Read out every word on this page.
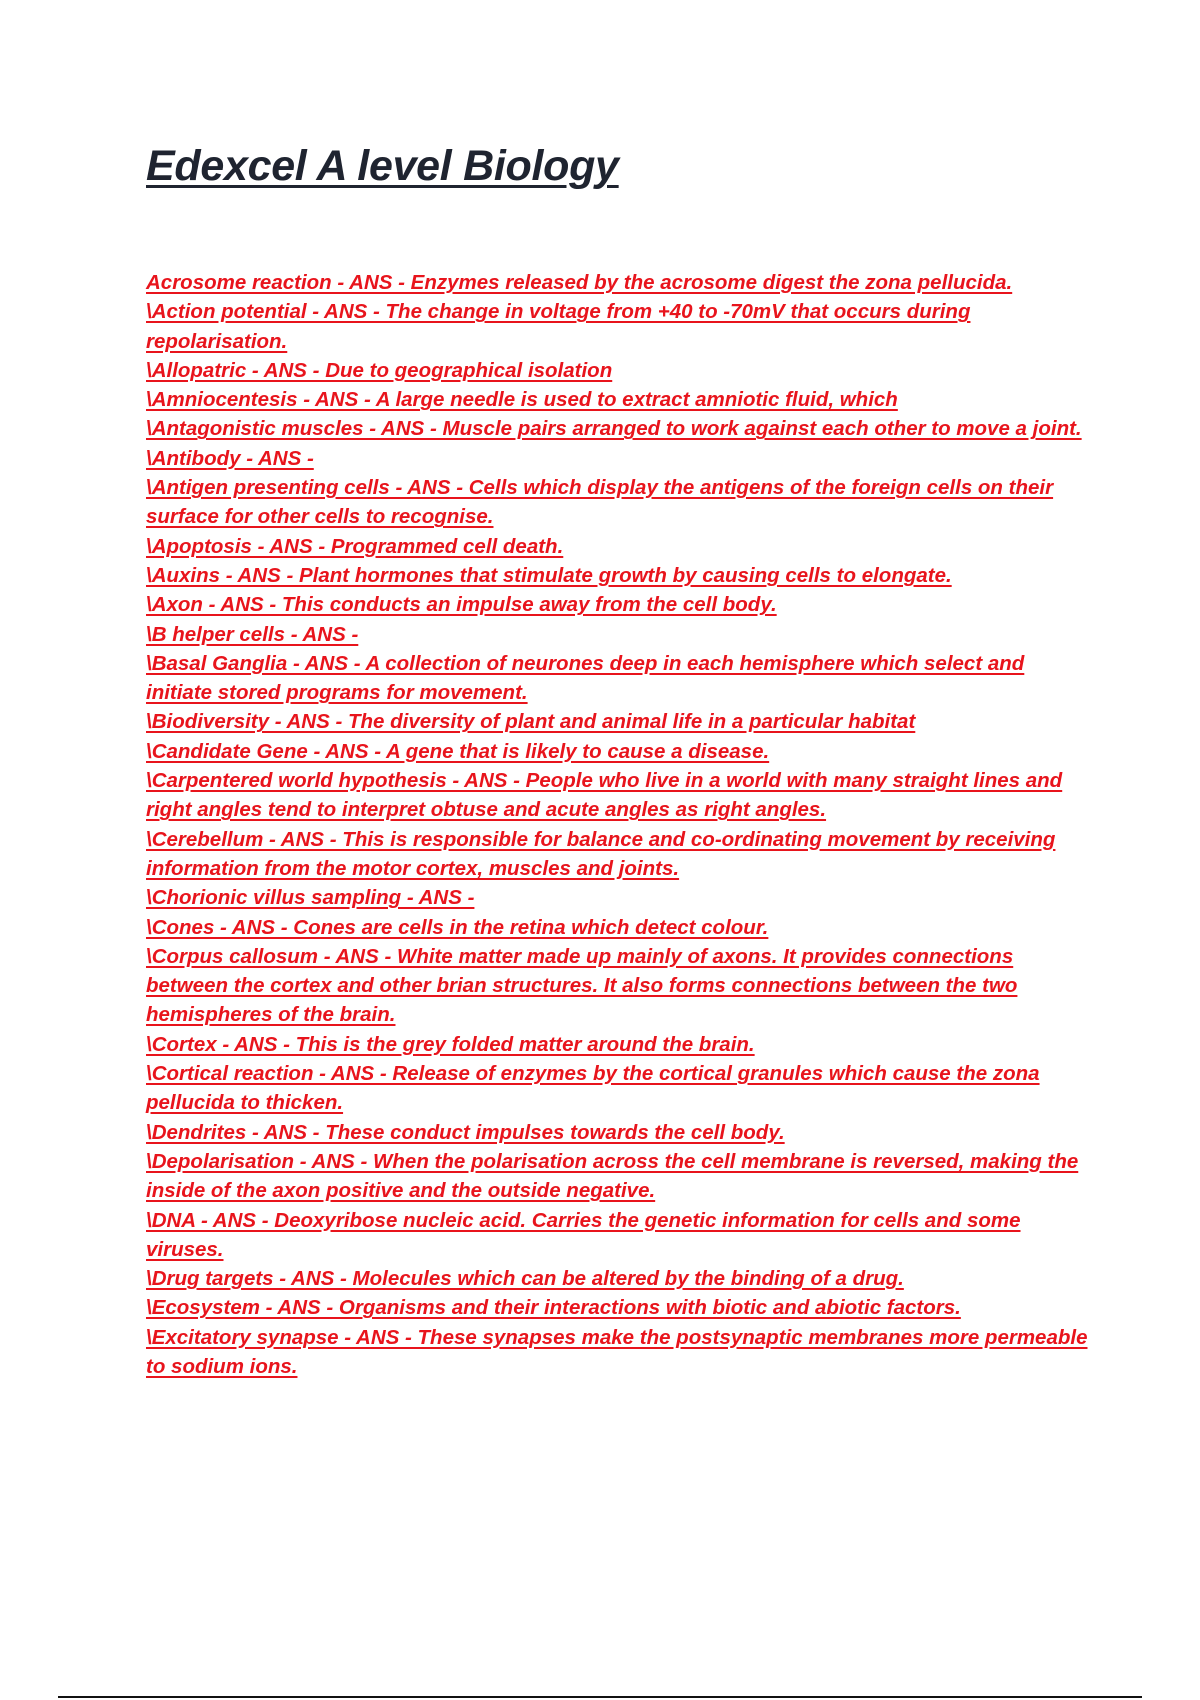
Edexcel A level Biology
Acrosome reaction - ANS - Enzymes released by the acrosome digest the zona pellucida.
\Action potential - ANS - The change in voltage from +40 to -70mV that occurs during repolarisation.
\Allopatric - ANS - Due to geographical isolation
\Amniocentesis - ANS - A large needle is used to extract amniotic fluid, which
\Antagonistic muscles - ANS - Muscle pairs arranged to work against each other to move a joint.
\Antibody - ANS -
\Antigen presenting cells - ANS - Cells which display the antigens of the foreign cells on their surface for other cells to recognise.
\Apoptosis - ANS - Programmed cell death.
\Auxins - ANS - Plant hormones that stimulate growth by causing cells to elongate.
\Axon - ANS - This conducts an impulse away from the cell body.
\B helper cells - ANS -
\Basal Ganglia - ANS - A collection of neurones deep in each hemisphere which select and initiate stored programs for movement.
\Biodiversity - ANS - The diversity of plant and animal life in a particular habitat
\Candidate Gene - ANS - A gene that is likely to cause a disease.
\Carpentered world hypothesis - ANS - People who live in a world with many straight lines and right angles tend to interpret obtuse and acute angles as right angles.
\Cerebellum - ANS - This is responsible for balance and co-ordinating movement by receiving information from the motor cortex, muscles and joints.
\Chorionic villus sampling - ANS -
\Cones - ANS - Cones are cells in the retina which detect colour.
\Corpus callosum - ANS - White matter made up mainly of axons. It provides connections between the cortex and other brian structures. It also forms connections between the two hemispheres of the brain.
\Cortex - ANS - This is the grey folded matter around the brain.
\Cortical reaction - ANS - Release of enzymes by the cortical granules which cause the zona pellucida to thicken.
\Dendrites - ANS - These conduct impulses towards the cell body.
\Depolarisation - ANS - When the polarisation across the cell membrane is reversed, making the inside of the axon positive and the outside negative.
\DNA - ANS - Deoxyribose nucleic acid. Carries the genetic information for cells and some viruses.
\Drug targets - ANS - Molecules which can be altered by the binding of a drug.
\Ecosystem - ANS - Organisms and their interactions with biotic and abiotic factors.
\Excitatory synapse - ANS - These synapses make the postsynaptic membranes more permeable to sodium ions.
